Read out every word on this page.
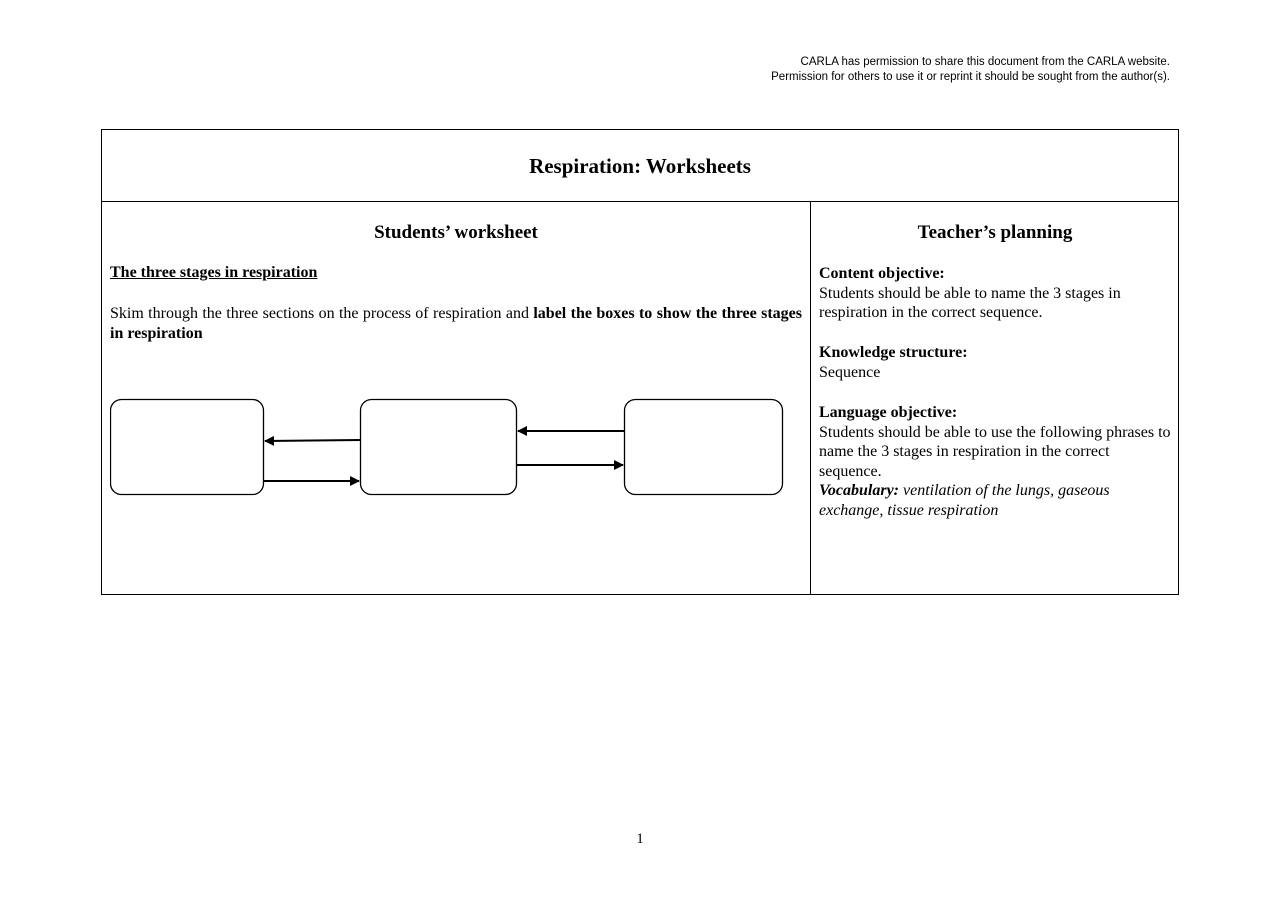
CARLA has permission to share this document from the CARLA website.
Permission for others to use it or reprint it should be sought from the author(s).
Respiration: Worksheets
Students’ worksheet
The three stages in respiration
Skim through the three sections on the process of respiration and label the boxes to show the three stages in respiration
Teacher’s planning
Content objective:
Students should be able to name the 3 stages in respiration in the correct sequence.
Knowledge structure:
Sequence
Language objective:
Students should be able to use the following phrases to name the 3 stages in respiration in the correct sequence.
Vocabulary: ventilation of the lungs, gaseous exchange, tissue respiration
1
